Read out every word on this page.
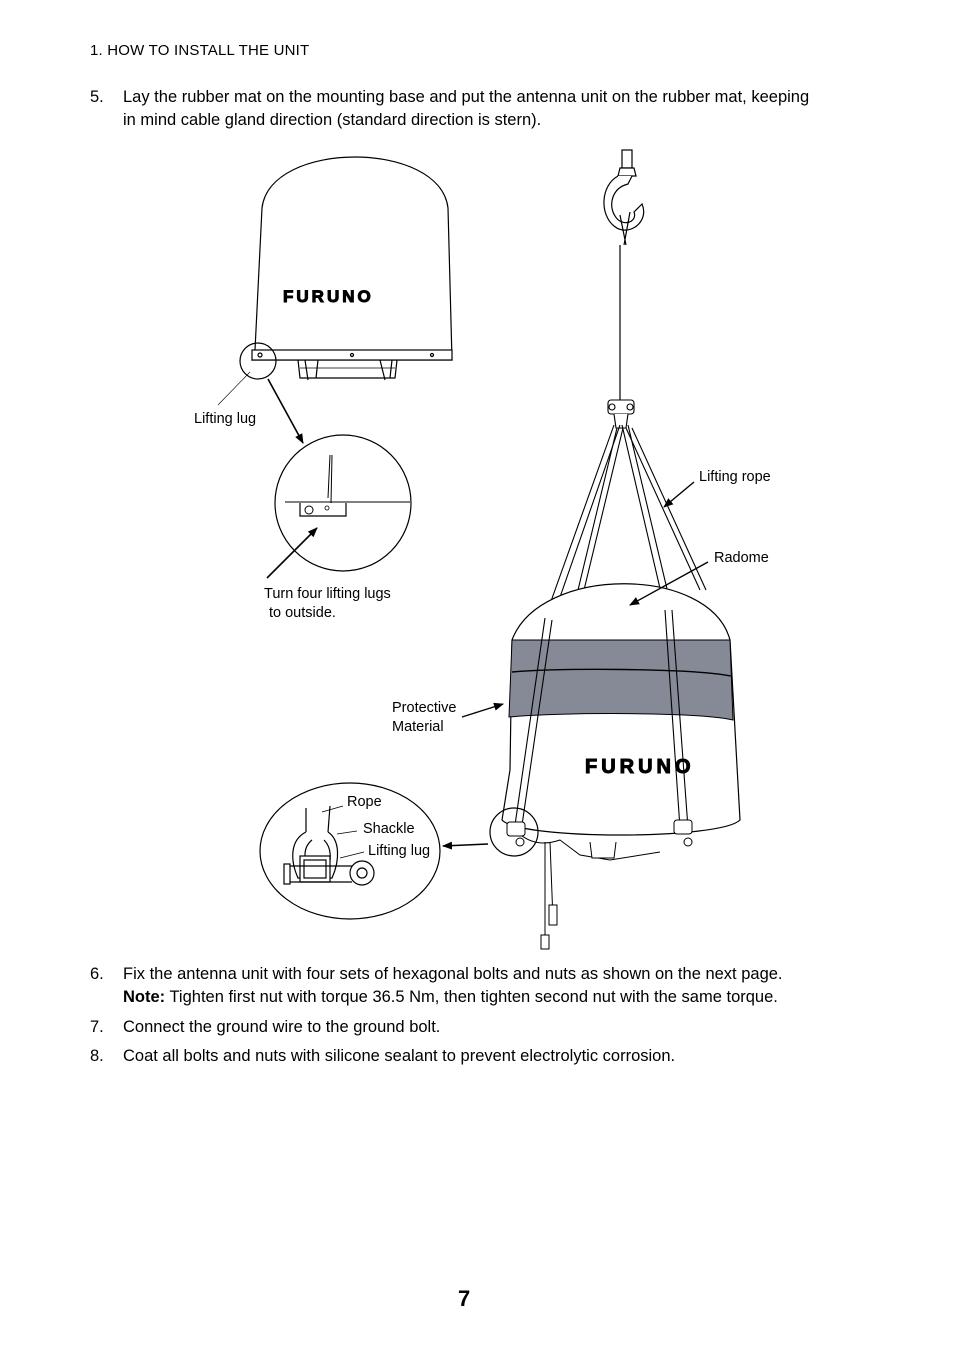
1. HOW TO INSTALL THE UNIT
5. Lay the rubber mat on the mounting base and put the antenna unit on the rubber mat, keeping
in mind cable gland direction (standard direction is stern).
FURUNO
Lifting lug
Turn four lifting lugs
to outside.
FURUNO
Lifting rope
Radome
Protective
Material
Rope
Shackle
Lifting lug
6. Fix the antenna unit with four sets of hexagonal bolts and nuts as shown on the next page.
Note: Tighten first nut with torque 36.5 Nm, then tighten second nut with the same torque.
7. Connect the ground wire to the ground bolt.
8. Coat all bolts and nuts with silicone sealant to prevent electrolytic corrosion.
7
